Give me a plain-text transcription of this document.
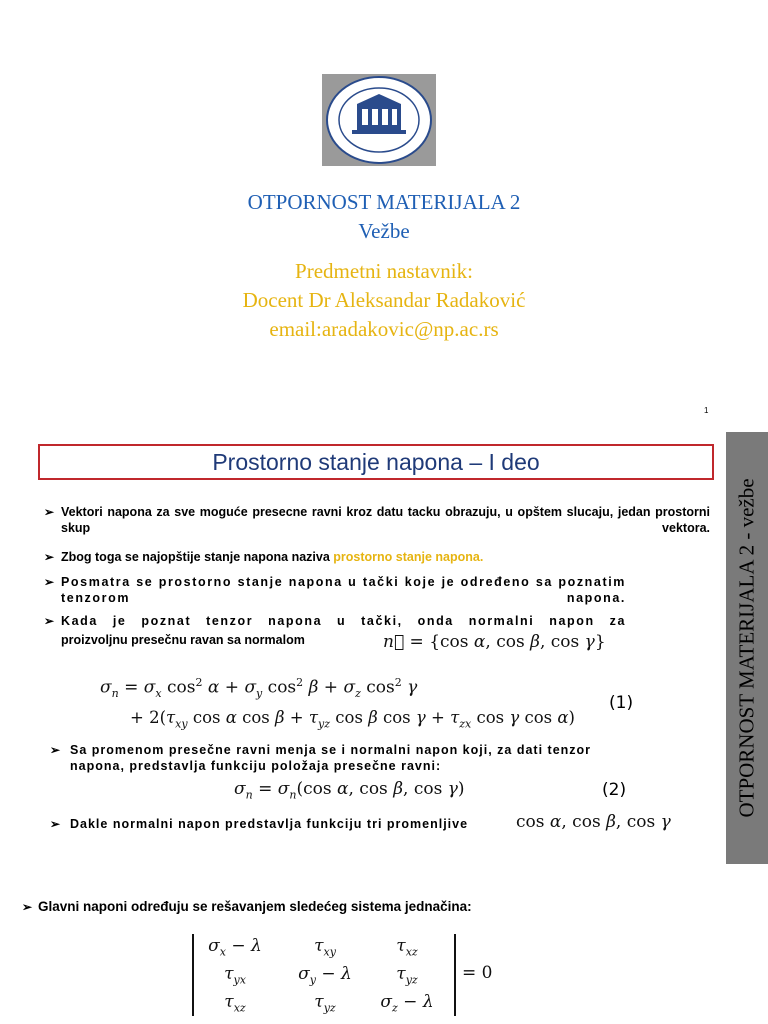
OTPORNOST MATERIJALA 2
Vežbe
Predmetni nastavnik:
Docent Dr Aleksandar Radaković
email:aradakovic@np.ac.rs
1
OTPORNOST MATERIJALA 2 - vežbe
Prostorno stanje napona – I deo
➢ Vektori napona za sve moguće presecne ravni kroz datu tacku obrazuju, u opštem slucaju, jedan prostorni skup vektora.
➢ Zbog toga se najopštije stanje napona naziva prostorno stanje napona.
➢ Posmatra se prostorno stanje napona u tački koje je određeno sa poznatim tenzorom napona.
➢ Kada je poznat tenzor napona u tački, onda normalni napon za
proizvoljnu presečnu ravan sa normalom	n⃗ = {cos α, cos β, cos γ}
$\sigma_n = \sigma_x$ $\cos^2 \alpha + \sigma_y$ $\cos^2 \beta + \sigma_z$ $\cos^2 \gamma$
+ $2(\tau_{xy}$ cos α $\cos \beta + \tau_{yz}$ cos β $\cos \gamma + \tau_{zx}$ cos γ cos α)
(1)
➢ Sa promenom presečne ravni menja se i normalni napon koji, za dati tenzor napona, predstavlja funkciju položaja presečne ravni:
$\sigma_n = \sigma_n(\cos$ α, cos β, cos γ)	(2)
➢ Dakle normalni napon predstavlja funkciju tri promenljive	cos α, cos β, cos γ
➢ Glavni naponi određuju se rešavanjem sledećeg sistema jednačina:
$\sigma_x - \lambda$	$\tau_{xy}$	$\tau_{xz}$
$\tau_{yx}$	$\sigma_y - \lambda$	$\tau_{yz}$
$\tau_{xz}$	$\tau_{yz}$	$\sigma_z - \lambda$
= 0
